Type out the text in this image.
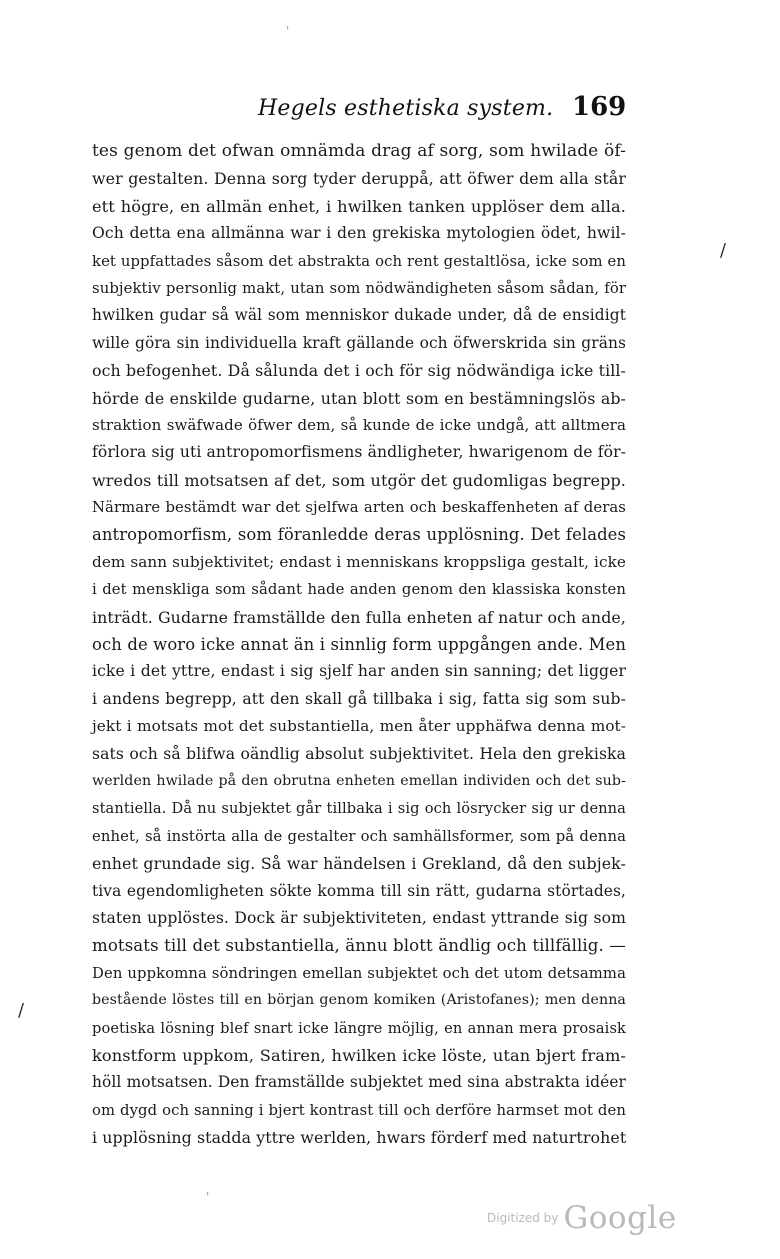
Hegels esthetiska system. 169
tes genom det ofwan omnämda drag af sorg, som hwilade öf-
wer gestalten. Denna sorg tyder deruppå, att öfwer dem alla står
ett högre, en allmän enhet, i hwilken tanken upplöser dem alla.
Och detta ena allmänna war i den grekiska mytologien ödet, hwil-
ket uppfattades såsom det abstrakta och rent gestaltlösa, icke som en
subjektiv personlig makt, utan som nödwändigheten såsom sådan, för
hwilken gudar så wäl som menniskor dukade under, då de ensidigt
wille göra sin individuella kraft gällande och öfwerskrida sin gräns
och befogenhet. Då sålunda det i och för sig nödwändiga icke till-
hörde de enskilde gudarne, utan blott som en bestämningslös ab-
straktion swäfwade öfwer dem, så kunde de icke undgå, att alltmera
förlora sig uti antropomorfismens ändligheter, hwarigenom de för-
wredos till motsatsen af det, som utgör det gudomligas begrepp.
Närmare bestämdt war det sjelfwa arten och beskaffenheten af deras
antropomorfism, som föranledde deras upplösning. Det felades
dem sann subjektivitet; endast i menniskans kroppsliga gestalt, icke
i det menskliga som sådant hade anden genom den klassiska konsten
inträdt. Gudarne framställde den fulla enheten af natur och ande,
och de woro icke annat än i sinnlig form uppgången ande. Men
icke i det yttre, endast i sig sjelf har anden sin sanning; det ligger
i andens begrepp, att den skall gå tillbaka i sig, fatta sig som sub-
jekt i motsats mot det substantiella, men åter upphäfwa denna mot-
sats och så blifwa oändlig absolut subjektivitet. Hela den grekiska
werlden hwilade på den obrutna enheten emellan individen och det sub-
stantiella. Då nu subjektet går tillbaka i sig och lösrycker sig ur denna
enhet, så instörta alla de gestalter och samhällsformer, som på denna
enhet grundade sig. Så war händelsen i Grekland, då den subjek-
tiva egendomligheten sökte komma till sin rätt, gudarna störtades,
staten upplöstes. Dock är subjektiviteten, endast yttrande sig som
motsats till det substantiella, ännu blott ändlig och tillfällig. —
Den uppkomna söndringen emellan subjektet och det utom detsamma
bestående löstes till en början genom komiken (Aristofanes); men denna
poetiska lösning blef snart icke längre möjlig, en annan mera prosaisk
konstform uppkom, Satiren, hwilken icke löste, utan bjert fram-
höll motsatsen. Den framställde subjektet med sina abstrakta idéer
om dygd och sanning i bjert kontrast till och derföre harmset mot den
i upplösning stadda yttre werlden, hwars förderf med naturtrohet
'
/
/
'
Digitized by Google
